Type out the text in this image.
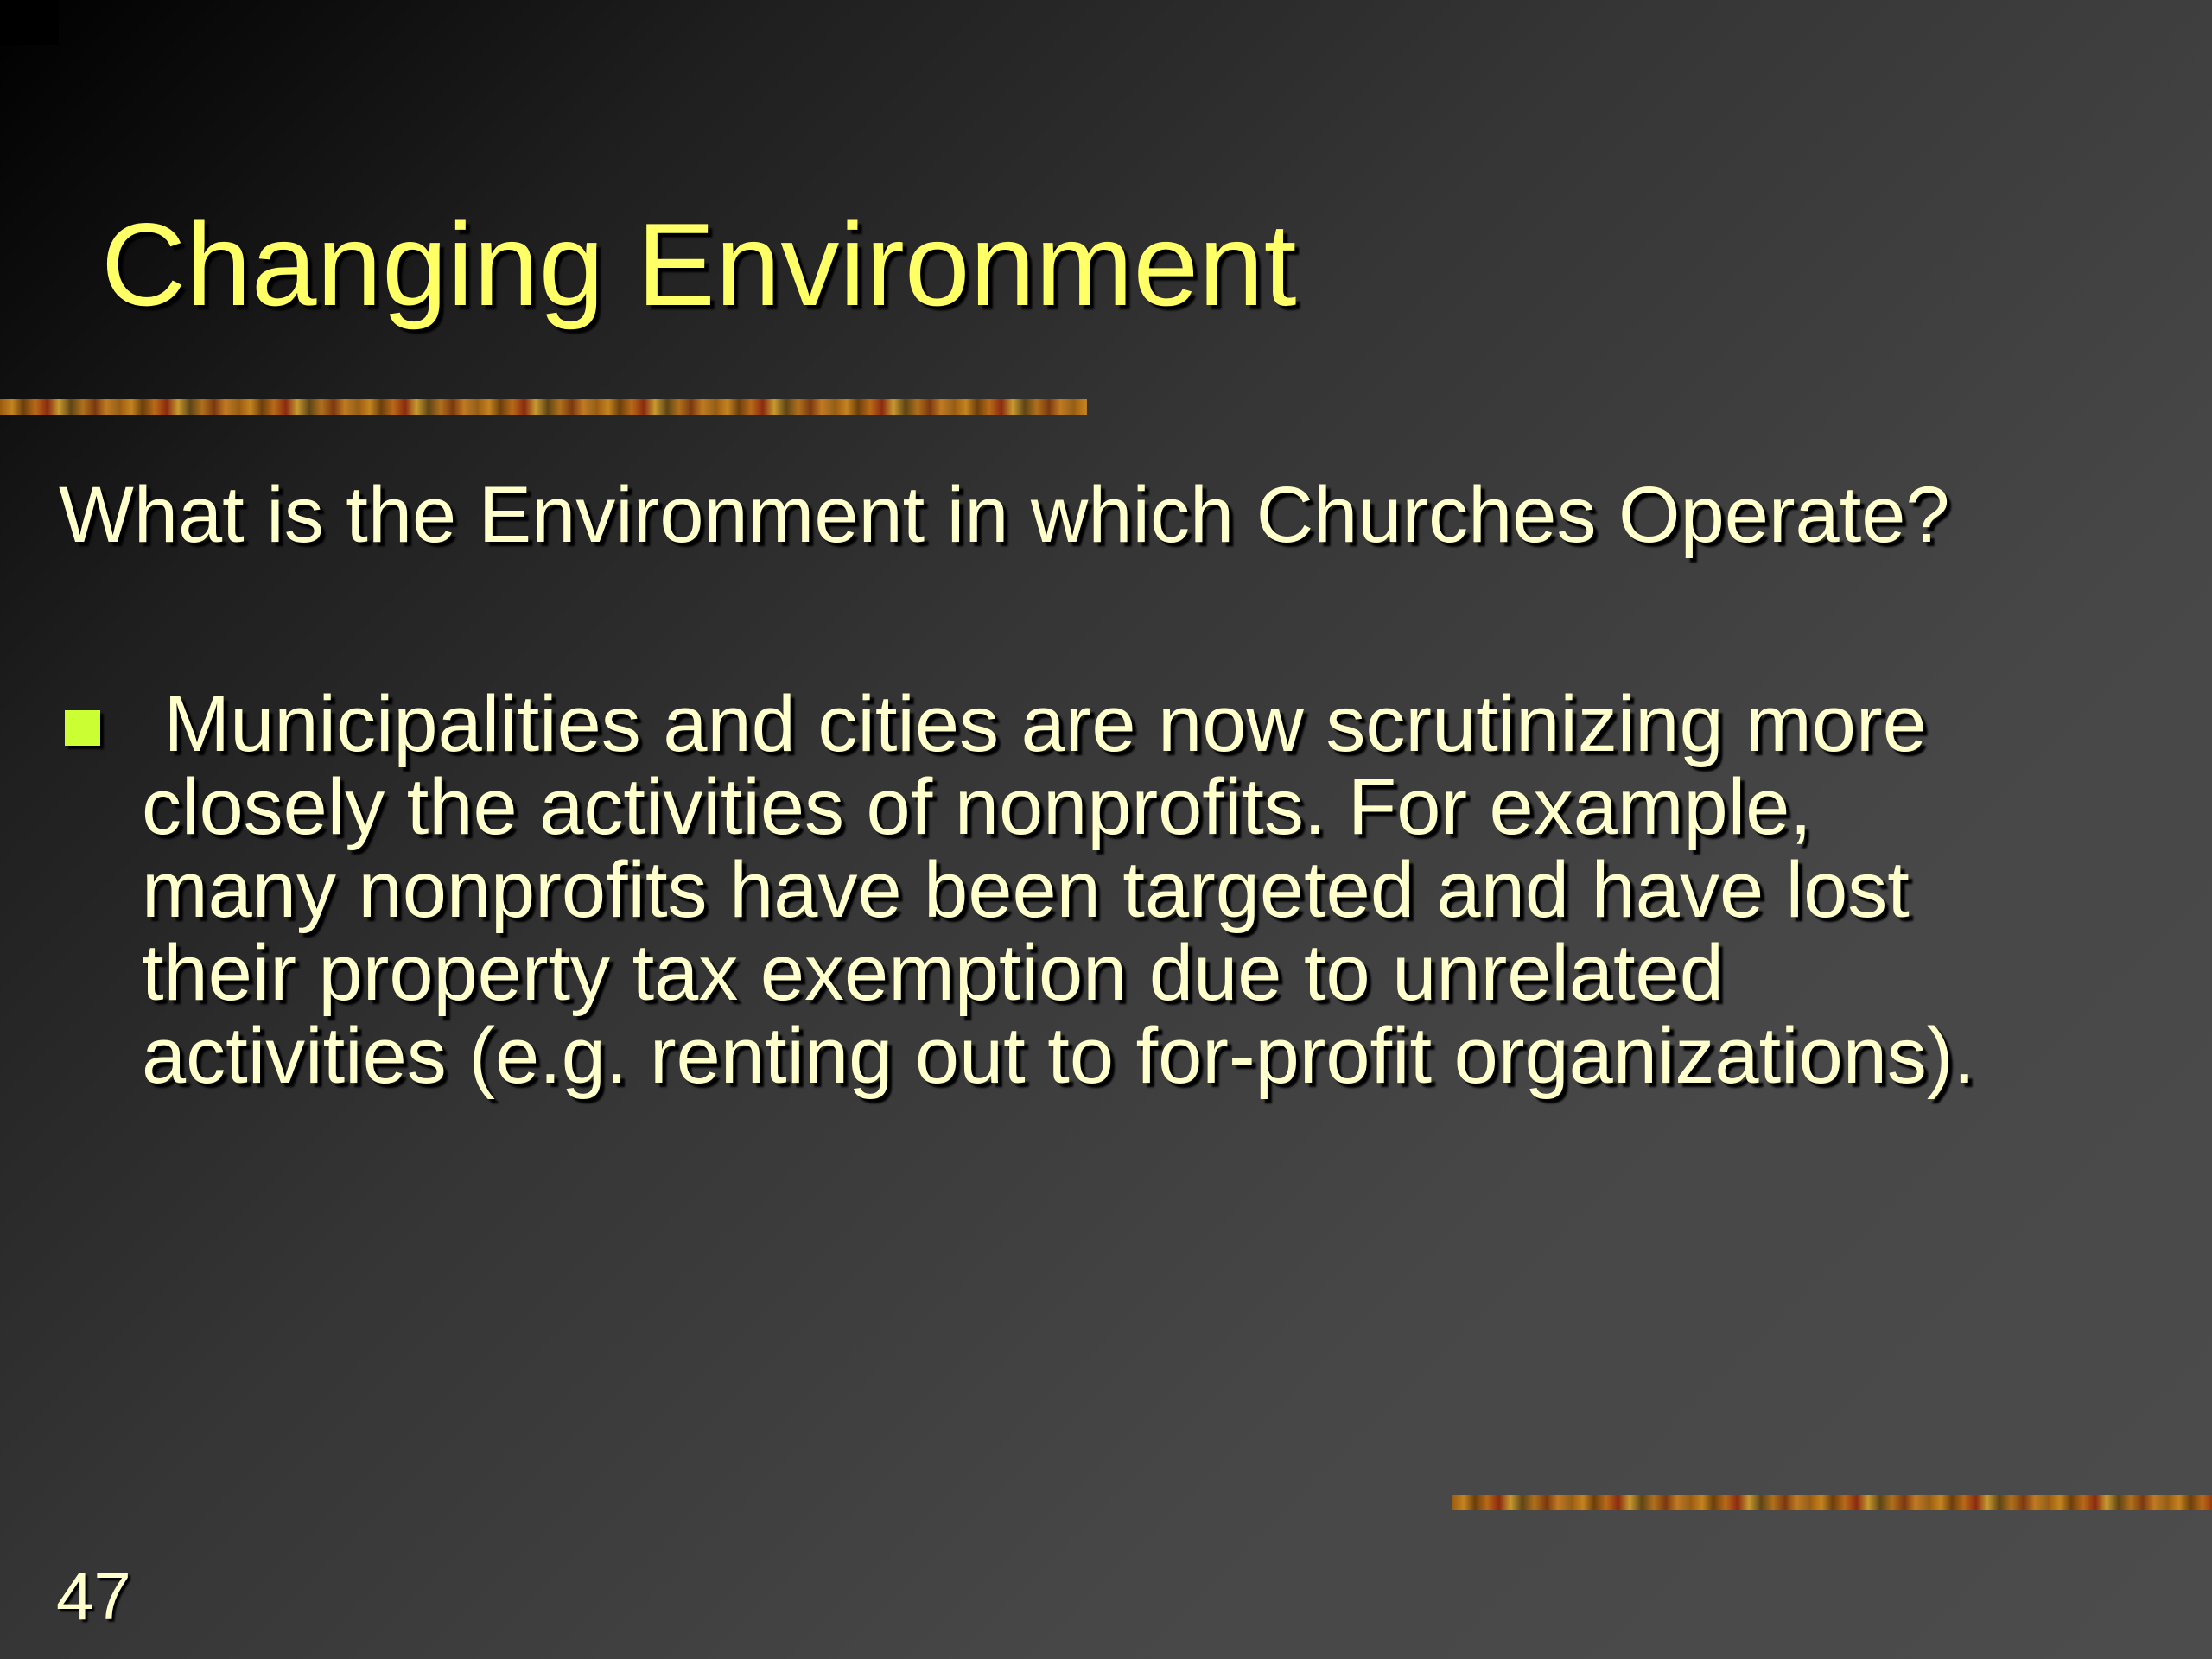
Changing Environment
What is the Environment in which Churches Operate?

Municipalities and cities are now scrutinizing more
closely the activities of nonprofits. For example,
many nonprofits have been targeted and have lost
their property tax exemption due to unrelated
activities (e.g. renting out to for-profit organizations).

47
